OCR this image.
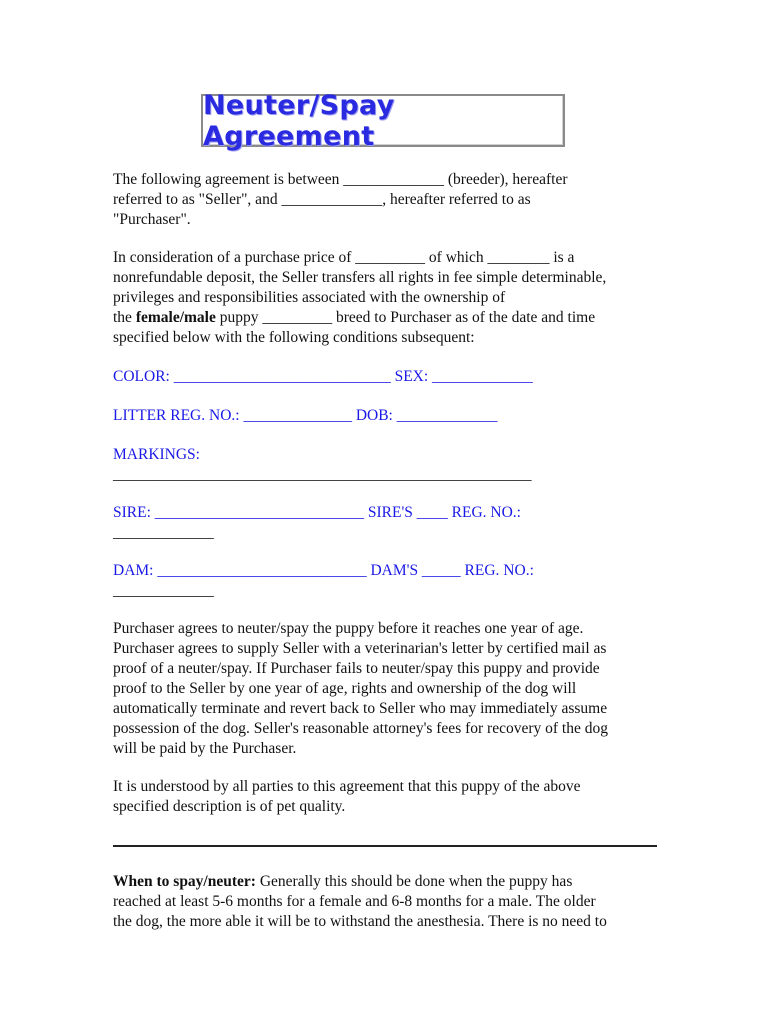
Neuter/Spay Agreement

The following agreement is between _____________ (breeder), hereafter
referred to as "Seller", and _____________, hereafter referred to as
"Purchaser".

In consideration of a purchase price of _________ of which ________ is a
nonrefundable deposit, the Seller transfers all rights in fee simple determinable,
privileges and responsibilities associated with the ownership of
the female/male puppy _________ breed to Purchaser as of the date and time
specified below with the following conditions subsequent:

COLOR: ____________________________ SEX: _____________

LITTER REG. NO.: ______________ DOB: _____________

MARKINGS:
______________________________________________________

SIRE: ___________________________ SIRE'S ____ REG. NO.:
_____________

DAM: ___________________________ DAM'S _____ REG. NO.:
_____________

Purchaser agrees to neuter/spay the puppy before it reaches one year of age.
Purchaser agrees to supply Seller with a veterinarian's letter by certified mail as
proof of a neuter/spay. If Purchaser fails to neuter/spay this puppy and provide
proof to the Seller by one year of age, rights and ownership of the dog will
automatically terminate and revert back to Seller who may immediately assume
possession of the dog. Seller's reasonable attorney's fees for recovery of the dog
will be paid by the Purchaser.

It is understood by all parties to this agreement that this puppy of the above
specified description is of pet quality.

When to spay/neuter: Generally this should be done when the puppy has
reached at least 5-6 months for a female and 6-8 months for a male. The older
the dog, the more able it will be to withstand the anesthesia. There is no need to
